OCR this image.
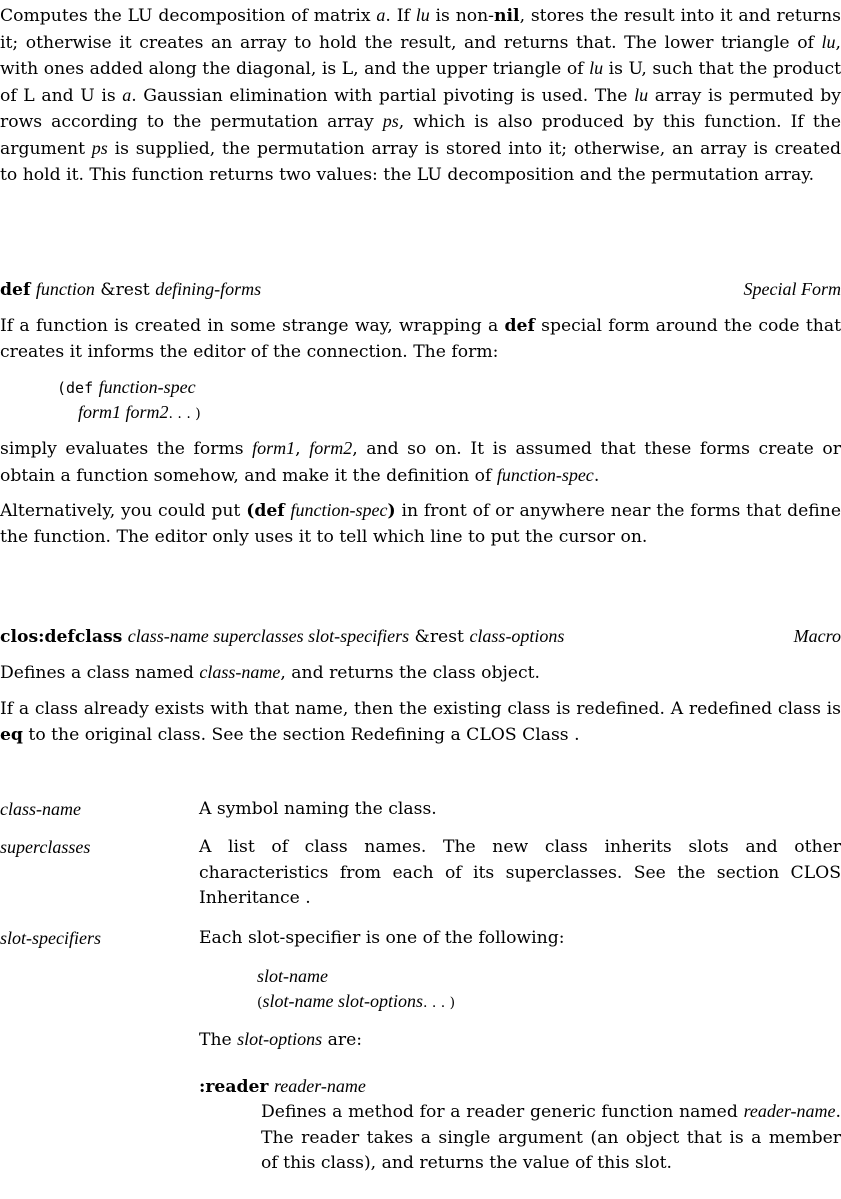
Computes the LU decomposition of matrix a. If lu is non-nil, stores the result into it and returns it; otherwise it creates an array to hold the result, and returns that. The lower triangle of lu, with ones added along the diagonal, is L, and the upper triangle of lu is U, such that the product of L and U is a. Gaussian elimination with partial pivoting is used. The lu array is permuted by rows according to the permutation array ps, which is also produced by this function. If the argument ps is supplied, the permutation array is stored into it; otherwise, an array is created to hold it. This function returns two values: the LU decomposition and the permutation array.

def function &rest defining-forms	Special Form

If a function is created in some strange way, wrapping a def special form around the code that creates it informs the editor of the connection. The form:

(def function-spec
form1 form2. . . )

simply evaluates the forms form1, form2, and so on. It is assumed that these forms create or obtain a function somehow, and make it the definition of function-spec.

Alternatively, you could put (def function-spec) in front of or anywhere near the forms that define the function. The editor only uses it to tell which line to put the cursor on.

clos:defclass class-name superclasses slot-specifiers &rest class-options	Macro

Defines a class named class-name, and returns the class object.

If a class already exists with that name, then the existing class is redefined. A redefined class is eq to the original class. See the section Redefining a CLOS Class .

class-name	A symbol naming the class.
superclasses	A list of class names. The new class inherits slots and other characteristics from each of its superclasses. See the section CLOS Inheritance .
slot-specifiers	Each slot-specifier is one of the following:
slot-name
(slot-name slot-options. . . )
The slot-options are:
:reader reader-name
Defines a method for a reader generic function named reader-name. The reader takes a single argument (an object that is a member of this class), and returns the value of this slot.
